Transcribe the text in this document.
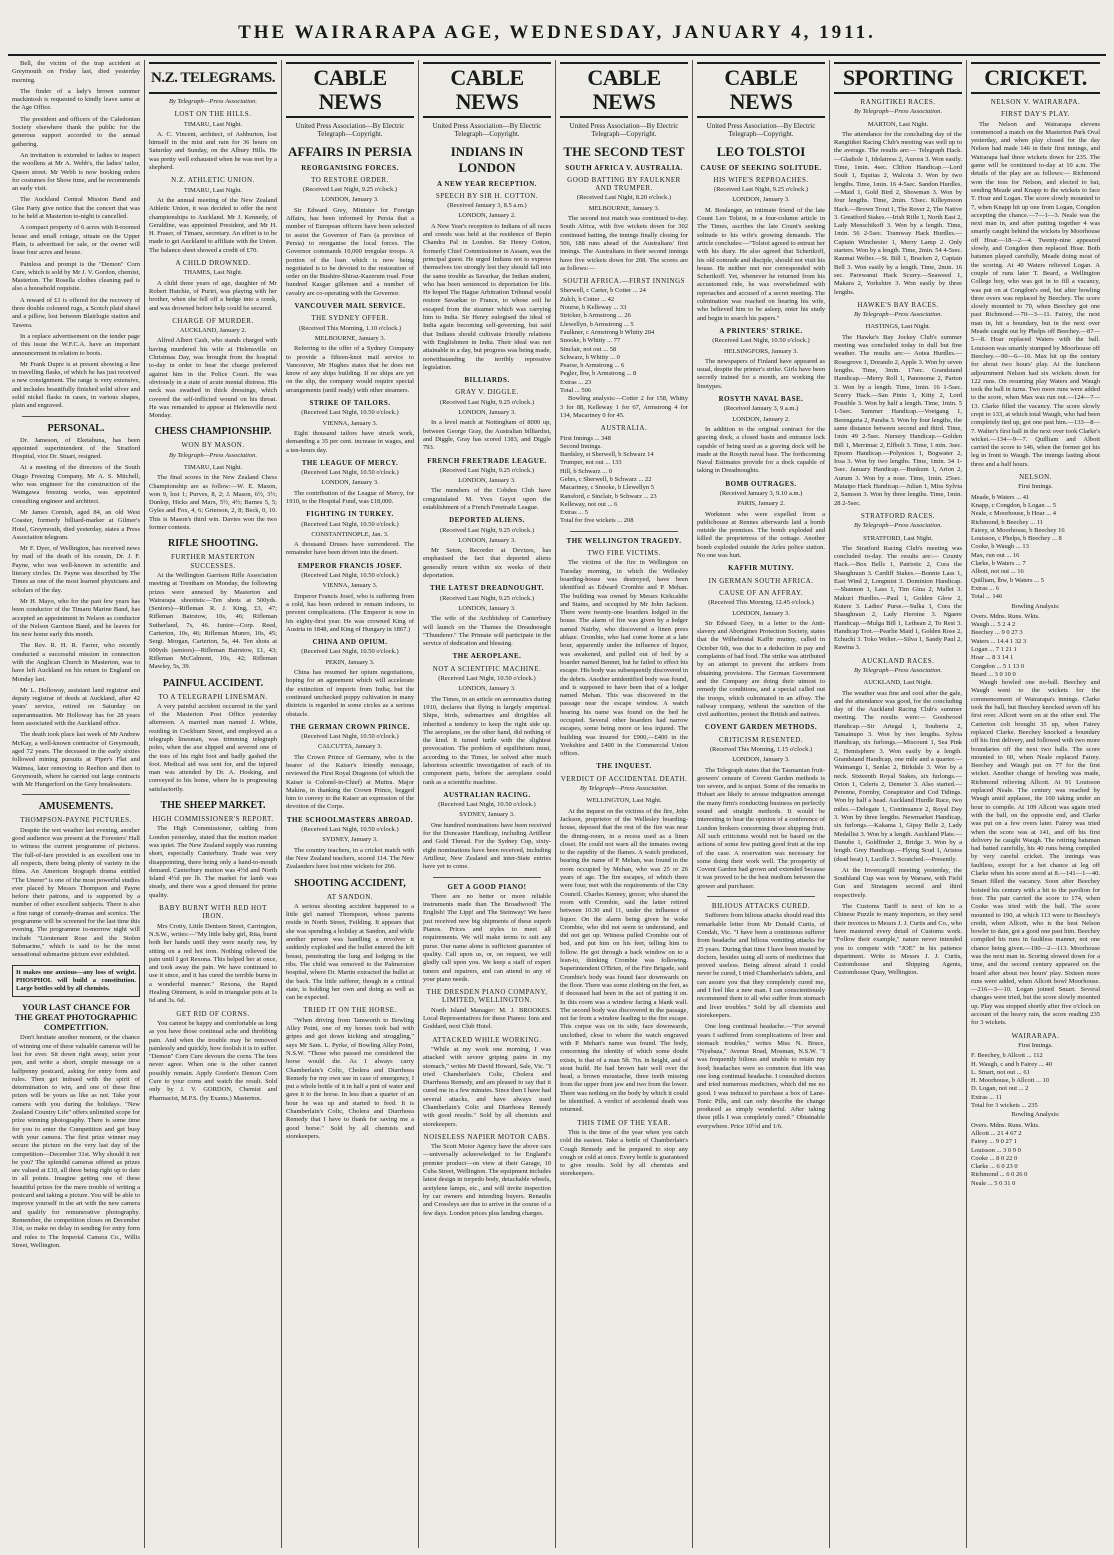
THE WAIRARAPA AGE, WEDNESDAY, JANUARY 4, 1911.

Bell, the victim of the trap accident at Greymouth on Friday last, died yesterday morning.

The finder of a lady's brown summer mackintosh is requested to kindly leave same at the Age Office.

The president and officers of the Caledonian Society elsewhere thank the public for the generous support accorded to the annual gathering.

An invitation is extended to ladies to inspect the woollens at Mr A. Webb's, the ladies' tailor, Queen street. Mr Webb is now booking orders for costumes for Show time, and he recommends an early visit.

The Auckland Central Mission Band and Glee Party give notice that the concert that was to be held at Masterton to-night is cancelled.

A compact property of 6 acres with 8-roomed house and small cottage, situate on the Upper Plain, is advertised for sale, or the owner will lease four acres and house.

Painless and prompt is the "Demon" Corn Cure, which is sold by Mr J. V. Gordon, chemist, Masterton. The Rosella clothes cleaning pad is also a household requisite.

A reward of £1 is offered for the recovery of three double coloured rugs, a Scotch plaid shawl and a pillow, lost between Blairlogie station and Tawera.

In a replace advertisement on the tender page of this issue the W.F.C.A. have an important announcement in relation to boots.

Mr Frank Dupre is at present showing a line in travelling flasks, of which he has just received a new consignment. The range is very extensive, and includes beautifully finished solid silver and solid nickel flasks in cases, in various shapes, plain and engraved.

PERSONAL.

Dr. Jameson, of Eketahuna, has been appointed superintendent of the Stratford Hospital, vice Dr. Stuart, resigned.

At a meeting of the directors of the South Otago Freezing Company, Mr A. S. Mitchell, who was engineer for the construction of the Waingawa freezing works, was appointed consulting engineer and architect.

Mr James Cornish, aged 84, an old West Coaster, formerly billiard-marker at Gilmer's Hotel, Greymouth, died yesterday, states a Press Association telegram.

Mr F. Dyer, of Wellington, has received news by mail of the death of his cousin, Dr. J. F. Payne, who was well-known in scientific and literary circles. Dr. Payne was described by The Times as one of the most learned physicians and scholars of the day.

Mr H. Mayo, who for the past few years has been conductor of the Timaru Marine Band, has accepted an appointment in Nelson as conductor of the Nelson Garrison Band, and he leaves for his new home early this month.

The Rev. R. H. R. Farrer, who recently conducted a successful mission in connection with the Anglican Church in Masterton, was to have left Auckland on his return to England on Monday last.

Mr L. Holloway, assistant land registrar and deputy registrar of deeds at Auckland, after 42 years' service, retired on Saturday on superannuation. Mr Holloway has for 28 years been associated with the Auckland office.

The death took place last week of Mr Andrew McKay, a well-known contractor of Greymouth, aged 72 years. The deceased in the early sixties followed mining pursuits at Piper's Flat and Waimea, later removing to Reefton and then to Greymouth, where he carried out large contracts with Mr Hungerford on the Grey breakwaters.

AMUSEMENTS.
THOMPSON-PAYNE PICTURES.

Despite the wet weather last evening, another good audience was present at the Foresters' Hall to witness the current programme of pictures. The full-of-fare provided is an excellent one in all respects, there being plenty of variety in the films. An American biograph drama entitled "The Unerer" is one of the most powerful studies ever placed by Messrs Thompson and Payne before their patrons, and is supported by a number of other excellent subjects. There is also a fine range of comedy-dramas and scenics. The programme will be screened for the last time this evening. The programme to-morrow night will include "Lieutenant Rose and the Stolen Submarine," which is said to be the most sensational submarine picture ever exhibited.

It makes one anxious—any loss of weight. PHOSPHOL will build a constitution. Large bottles sold by all chemists.
YOUR LAST CHANCE FOR THE GREAT PHOTOGRAPHIC COMPETITION.

Don't hesitate another moment, or the chance of winning one of these valuable cameras will be lost for ever. Sit down right away, seize your pen, and write a short, simple message on a halfpenny postcard, asking for entry form and rules. Then get imbued with the spirit of determination to win, and one of these fine prizes will be yours as like as not. Take your camera with you during the holidays. "New Zealand Country Life" offers unlimited scope for prize winning photography. There is some time for you to enter the Competition and get busy with your camera. The first prize winner may secure the picture on the very last day of the competition—December 31st. Why should it not be you? The splendid cameras offered as prizes are valued at £10, all three being right up to date in all points. Imagine getting one of these beautiful prizes for the mere trouble of writing a postcard and taking a picture. You will be able to improve yourself in the art with the new camera and qualify for remunerative photography. Remember, the competition closes on December 31st, so make no delay in sending for entry form and rules to The Imperial Camera Co., Willis Street, Wellington.

N.Z. TELEGRAMS.
By Telegraph—Press Association.
LOST ON THE HILLS.
TIMARU, Last Night.

A. C. Vincent, architect, of Ashburton, lost himself in the mist and rain for 36 hours on Saturday and Sunday, on the Albury Hills. He was pretty well exhausted when he was met by a shepherd.

N.Z. ATHLETIC UNION.
TIMARU, Last Night.

At the annual meeting of the New Zealand Athletic Union, it was decided to offer the next championships to Auckland. Mr J. Kennedy, of Geraldine, was appointed President, and Mr H. H. Fraser, of Timaru, secretary. An effort is to be made to get Auckland to affiliate with the Union. The balance sheet showed a credit of £70.

A CHILD DROWNED.
THAMES, Last Night.

A child three years of age, daughter of Mr Robert Hatchie, of Puriri, was playing with her brother, when she fell off a hedge into a creek, and was drowned before help could be secured.

CHARGE OF MURDER.
AUCKLAND, January 2.

Alfred Albert Cash, who stands charged with having murdered his wife at Helensville on Christmas Day, was brought from the hospital to-day in order to hear the charge preferred against him in the Police Court. He was obviously in a state of acute mental distress. His neck was swathed in thick dressings, which covered the self-inflicted wound on his throat. He was remanded to appear at Helensville next Monday.

CHESS CHAMPIONSHIP.
WON BY MASON.
By Telegraph—Press Association.
TIMARU, Last Night.

The final scores in the New Zealand Chess Championship are as follow:—W. E. Mason, won 9, lost 1; Purves, 8, 2; J. Mason, 6½, 3½; Dunlop, Hicks and Marx, 5½, 4½; Barnes 5, 5; Gyles and Fox, 4, 6; Grierson, 2, 8; Beck, 0, 10. This is Mason's third win. Davies won the two former contests.

RIFLE SHOOTING.
FURTHER MASTERTON SUCCESSES.

At the Wellington Garrison Rifle Association meeting at Trentham on Monday, the following prizes were annexed by Masterton and Wairarapa shootists:—Ten shots at 500yds. (Seniors)—Rifleman R. J. King, £3, 47; Rifleman Bairstow, 10s, 46; Rifleman Sutherland, 7s, 46. Junior—Corp. Reed, Carterton, 10s, 46; Rifleman Munro, 10s, 45; Sergt. Morgan, Carterton, 5s, 44. Ten shots at 600yds (seniors)—Rifleman Bairstow, £1, 43; Rifleman McCalmont, 10s, 42; Rifleman Mawley, 5s, 39.

PAINFUL ACCIDENT.
TO A TELEGRAPH LINESMAN.

A very painful accident occurred in the yard of the Masterton Post Office yesterday afternoon. A married man named J. White, residing in Cockburn Street, and employed as a telegraph linesman, was trimming telegraph poles, when the axe slipped and severed one of the toes of his right foot and badly gashed the foot. Medical aid was sent for, and the injured man was attended by Dr. A. Hosking, and conveyed to his home, where he is progressing satisfactorily.

THE SHEEP MARKET.
HIGH COMMISSIONER'S REPORT.

The High Commissioner, cabling from London yesterday, stated that the mutton market was quiet. The New Zealand supply was running short, especially Canterbury. Trade was very disappointing, there being only a hand-to-mouth demand. Canterbury mutton was 4½d and North Island 4½d per lb. The market for lamb was steady, and there was a good demand for prime quality.

BABY BURNT WITH RED HOT IRON.

Mrs Crotty, Little Denison Street, Carrington, N.S.W., writes:—"My little baby girl, Rita, burnt both her hands until they were nearly raw, by sitting on a red hot iron. Nothing relieved the pain until I got Rexona. This helped her at once, and took away the pain. We have continued to use it since, and it has cured the terrible burns in a wonderful manner." Rexona, the Rapid Healing Ointment, is sold in triangular pots at 1s 6d and 3s. 6d.

GET RID OF CORNS.

You cannot be happy and comfortable as long as you have those continual ache and throbbing pain. And when the trouble may be removed painlessly and quickly, how foolish it is to suffer. "Demon" Corn Cure devours the corns. The fees never agree. When one is the other cannot possibly remain. Apply Gordon's Demon Corn Cure to your corns and watch the result. Sold only by J. V. GORDON, Chemist and Pharmacist, M.P.S. (by Exams.) Masterton.

CABLE NEWS
United Press Association—By Electric Telegraph—Copyright.
AFFAIRS IN PERSIA
REORGANISING FORCES.
TO RESTORE ORDER.
(Received Last Night, 9.25 o'clock.)
LONDON, January 3.

Sir Edward Grey, Minister for Foreign Affairs, has been informed by Persia that a number of European officers have been selected to assist the Governor of Fars (a province of Persia) to reorganise the local forces. The Governor commands 10,000 irregular troops. A portion of the loan which is now being negotiated is to be devoted to the restoration of order on the Bushire-Shiraz-Kazerum road. Four hundred Kasgar gillemen and a number of cavalry are co-operating with the Governor.

VANCOUVER MAIL SERVICE.
THE SYDNEY OFFER.
(Received This Morning, 1.10 o'clock.)
MELBOURNE, January 3.

Referring to the offer of a Sydney Company to provide a fifteen-knot mail service to Vancouver, Mr Hughes states that he does not know of any ships building. If no ships are yet on the slip, the company would require special arrangements (until ready) with other steamers.

STRIKE OF TAILORS.
(Received Last Night, 10.50 o'clock.)
VIENNA, January 3.

Eight thousand tailors have struck work, demanding a 35 per cent. increase in wages, and a ten-hours day.

THE LEAGUE OF MERCY.
(Received Last Night, 10.50 o'clock.)
LONDON, January 3.

The contribution of the League of Mercy, for 1910, to the Hospital Fund, was £18,000.

FIGHTING IN TURKEY.
(Received Last Night, 10.50 o'clock.)
CONSTANTINOPLE, Jan. 3.

A thousand Druses have surrendered. The remainder have been driven into the desert.

EMPEROR FRANCIS JOSEF.
(Received Last Night, 10.50 o'clock.)
VIENNA, January 3.

Emperor Francis Josef, who is suffering from a cold, has been ordered to remain indoors, to prevent complications. (The Emperor is now in his eighty-first year. He was crowned King of Austria in 1848, and King of Hungary in 1867.)

CHINA AND OPIUM.
(Received Last Night, 10.50 o'clock.)
PEKIN, January 3.

China has resumed her opium negotiations, hoping for an agreement which will accelerate the extinction of imports from India; but the continued unchecked poppy cultivation in many districts is regarded in some circles as a serious obstacle.

THE GERMAN CROWN PRINCE.
(Received Last Night, 10.50 o'clock.)
CALCUTTA, January 3.

The Crown Prince of Germany, who is the bearer of the Kaiser's friendly message, reviewed the First Royal Dragoons (of which the Kaiser is Colonel-in-Chief) at Muttra. Major Makins, in thanking the Crown Prince, begged him to convey to the Kaiser an expression of the devotion of the Corps.

THE SCHOOLMASTERS ABROAD.
(Received Last Night, 10.50 o'clock.)
SYDNEY, January 3.

The country teachers, in a cricket match with the New Zealand teachers, scored 114. The New Zealanders have lost nine wickets for 266.

SHOOTING ACCIDENT,
AT SANDON.

A serious shooting accident happened to a little girl named Thompson, whose parents reside in North Street, Feilding. It appears that she was spending a holiday at Sandon, and while another person was handling a revolver it suddenly exploded and the bullet entered the left breast, penetrating the lung and lodging in the ribs. The child was removed to the Palmerston hospital, where Dr. Martin extracted the bullet at the back. The little sufferer, though in a critical state, is holding her own and doing as well as can be expected.

TRIED IT ON THE HORSE.

"When driving from Tamworth to Bowling Alley Point, one of my horses took bad with gripes and got down kicking and struggling," says Mr Sam. L. Pyrke, of Bowling Alley Point, N.S.W. "Those who passed me considered the horse would die. As I always carry Chamberlain's Colic, Cholera and Diarrhoea Remedy for my own use in case of emergency, I put a whole bottle of it in half a pint of water and gave it to the horse. In less than a quarter of an hour he was up and started to feed. It is Chamberlain's Colic, Cholera and Diarrhoea Remedy that I have to thank for saving me a good horse." Sold by all chemists and storekeepers.

CABLE NEWS
United Press Association—By Electric Telegraph—Copyright.
INDIANS IN LONDON
A NEW YEAR RECEPTION.
SPEECH BY SIR H. COTTON.
(Received January 3, 8.5 a.m.)
LONDON, January 2.

A New Year's reception to Indians of all races and creeds was held at the residence of Bepin Chandra Pal in London. Sir Henry Cotton, formerly Chief Commissioner in Assam, was the principal guest. He urged Indians not to express themselves too strongly lest they should fall into the same trouble as Savarkar, the Indian student, who has been sentenced to deportation for life. He hoped The Hague Arbitration Tribunal would restore Savarkar to France, to whose soil he escaped from the steamer which was carrying him to India. Sir Henry eulogised the ideal of India again becoming self-governing, but said that Indians should cultivate friendly relations with Englishmen in India. Their ideal was not attainable in a day, but progress was being made, notwithstanding the terribly repressive legislation.

BILLIARDS.
GRAY V. DIGGLE.
(Received Last Night, 9.25 o'clock.)
LONDON, January 3.

In a level match at Nottingham of 8000 up, between George Gray, the Australian billiardist, and Diggle, Gray has scored 1383, and Diggle 793.

FRENCH FREETRADE LEAGUE.
(Received Last Night, 9.25 o'clock.)
LONDON, January 3.

The members of the Cobden Club have congratulated M. Yves Guyot upon the establishment of a French Freetrade League.

DEPORTED ALIENS.
(Received Last Night, 9.25 o'clock.)
LONDON, January 3.

Mr Seton, Recorder at Devizes, has emphasised the fact that deported aliens generally return within six weeks of their deportation.

THE LATEST DREADNOUGHT.
(Received Last Night, 9.25 o'clock.)
LONDON, January 3.

The wife of the Archbishop of Canterbury will launch on the Thames the Dreadnought "Thunderer." The Primate will participate in the service of dedication and blessing.

THE AEROPLANE.
NOT A SCIENTIFIC MACHINE.
(Received Last Night, 10.50 o'clock.)
LONDON, January 3.

The Times, in an article on aeronautics during 1910, declares that flying is largely empirical. Ships, birds, submarines and dirigibles all inherited a tendency to keep the right side up. The aeroplane, on the other hand, did nothing of the kind. It turned turtle with the slightest provocation. The problem of equilibrium must, according to the Times, be solved after much laborious scientific investigation of each of its component parts, before the aeroplane could rank as a scientific machine.

AUSTRALIAN RACING.
(Received Last Night, 10.50 o'clock.)
SYDNEY, January 3.

One hundred nominations have been received for the Doncaster Handicap, including Artilleur and Gold Thread. For the Sydney Cup, sixty-eight nominations have been received, including Artilleur, New Zealand and inter-State entries have yet to come.

GET A GOOD PIANO!

There are no better or more reliable instruments made than The Broadwood! The English! The Lipp! and The Steinway! We have just received new big shipments of these superb Pianos. Prices and styles to meet all requirements. We will make terms to suit any purse. Our name alone is sufficient guarantee of quality. Call upon us, or, on request, we will gladly call upon you. We keep a staff of expert tuners and repairers, and can attend to any of your piano needs.

THE DRESDEN PIANO COMPANY, LIMITED, WELLINGTON.

North Island Manager: M. J. BROOKES. Local Representatives for these Pianos: Ions and Goddard, next Club Hotel.

ATTACKED WHILE WORKING.

"While at my work one morning, I was attacked with severe griping pains in my stomach," writes Mr David Howard, Sale, Vic. "I tried Chamberlain's Colic, Cholera and Diarrhoea Remedy, and am pleased to say that it cured me in a few minutes. Since then I have had several attacks, and have always used Chamberlain's Colic and Diarrhoea Remedy with good results." Sold by all chemists and storekeepers.

NOISELESS NAPIER MOTOR CABS.

The Scott Motor Agency have the above cars—universally acknowledged to be England's premier product—on view at their Garage, 10 Cuba Street, Wellington. The equipment includes latest design in torpedo body, detachable wheels, acetylene lamps, etc., and will invite inspection by car owners and intending buyers. Renaults and Crossleys are due to arrive in the course of a few days. London prices plus landing charges.

CABLE NEWS
United Press Association—By Electric Telegraph—Copyright.
THE SECOND TEST
SOUTH AFRICA V. AUSTRALIA.
GOOD BATTING BY FAULKNER AND TRUMPER.
(Received Last Night, 8.20 o'clock.)
MELBOURNE, January 3.

The second test match was continued to-day. South Africa, with five wickets down for 302 continued batting, the innings finally closing for 506, 188 runs ahead of the Australians' first innings. The Australians in their second innings have five wickets down for 208. The scores are as follows:—

SOUTH AFRICA.—FIRST INNINGS
Sherwell, c Carter, b Cotter ... 24
Zulch, b Cotter ... 42
Nourse, b Kelleway ... 33
Stricker, b Armstrong ... 26
Llewellyn, b Armstrong ... 5
Faulkner, c Armstrong b Whitty 204
Snooke, b Whitty ... 77
Sinclair, not out ... 58
Schwarz, b Whitty ... 0
Pearse, b Armstrong ... 6
Pegler, lbw, b Armstrong ... 8
Extras ... 23
Total ... 506

Bowling analysis:—Cotter 2 for 158, Whitty 3 for 88, Kelleway 1 for 67, Armstrong 4 for 134, Macartney 0 for 45.

AUSTRALIA.
First Innings ... 348
Second Innings.
Bardsley, st Sherwell, b Schwarz 14
Trumper, not out ... 133
Hill, b Schwarz ... 0
Gehrs, c Sherwell, b Schwarz ... 22
Macartney, c Snooke, b Llewellyn 5
Ransford, c Sinclair, b Schwarz ... 23
Kelleway, not out ... 6
Extras ... 5
Total for five wickets ... 208
THE WELLINGTON TRAGEDY.
TWO FIRE VICTIMS.

The victims of the fire in Wellington on Tuesday morning, in which the Wellesley boarding-house was destroyed, have been identified as Edward Crombie and P. Mehan. The building was owned by Messrs Kirkcaldie and Stains, and occupied by Mr John Jackson. There were twenty-one boarders lodged in the house. The alarm of fire was given by a lodger named Nairby, who discovered a linen press ablaze. Crombie, who had come home at a late hour, apparently under the influence of liquor, was awakened, and pulled out of bed by a boarder named Bennet, but he failed to effect his escape. His body was subsequently discovered in the debris. Another unidentified body was found, and is supposed to have been that of a lodger named Mehan. This was discovered in the passage near the escape window. A watch bearing his name was found on the bed he occupied. Several other boarders had narrow escapes, some being more or less injured. The building was insured for £900,—£400 in the Yorkshire and £400 in the Commercial Union offices.

THE INQUEST.
VERDICT OF ACCIDENTAL DEATH.
By Telegraph—Press Association.
WELLINGTON, Last Night.

At the inquest on the victims of the fire, John Jackson, proprietor of the Wellesley boarding-house, deposed that the rest of the fire was near the dining-room, in a recess used as a linen closet. He could not warn all the inmates owing to the rapidity of the flames. A watch produced, bearing the name of P. Mehan, was found in the room occupied by Mehan, who was 25 or 26 years of age. The fire escapes, of which there were four, met with the requirements of the City Council. Charles Kenney, grocer, who shared the room with Crombie, said the latter retired between 10.30 and 11, under the influence of liquor. On the alarm being given he woke Crombie, who did not seem to understand, and did not get up. Witness pulled Crombie out of bed, and put him on his feet, telling him to follow. He got through a back window on to a lean-to, thinking Crombie was following. Superintendent O'Brien, of the Fire Brigade, said Crombie's body was found face downwards on the floor. There was some clothing on the feet, as if deceased had been in the act of putting it on. In this room was a window facing a blank wall. The second body was discovered in the passage, not far from a window leading to the fire escape. This corpse was on its side, face downwards, unclothed, close to where the watch engraved with P. Mehan's name was found. The body, concerning the identity of which some doubt exists, is that of a man 5ft. 7in. in height, and of stout build. He had brown hair well over the head, a brown moustache, three teeth missing from the upper front jaw and two from the lower. There was nothing on the body by which it could be identified. A verdict of accidental death was returned.

THIS TIME OF THE YEAR.

This is the time of the year when you catch cold the easiest. Take a bottle of Chamberlain's Cough Remedy and be prepared to stop any cough or cold at once. Every bottle is guaranteed to give results. Sold by all chemists and storekeepers.

CABLE NEWS
United Press Association—By Electric Telegraph—Copyright.
LEO TOLSTOI
CAUSE OF SEEKING SOLITUDE.
HIS WIFE'S REPROACHES.
(Received Last Night, 9.25 o'clock.)
LONDON, January 3.

M. Boulanger, an intimate friend of the late Count Leo Tolstoi, in a four-column article in The Times, ascribes the late Count's seeking solitude to his wife's growing demands. The article concludes:—"Tolstoi agreed to entrust her with his diary. He also agreed that Schertkoff, his old comrade and disciple, should not visit his house. He neither met nor corresponded with Schertkoff. Yet, whenever he returned from his accustomed ride, he was overwhelmed with reproaches and accused of a secret meeting. The culmination was reached on hearing his wife, who believed him to be asleep, enter his study and begin to search his papers."

A PRINTERS' STRIKE.
(Received Last Night, 10.50 o'clock.)
HELSINGFORS, January 3.

The newspapers of Finland have appeared as usual, despite the printer's strike. Girls have been secretly trained for a month, are working the linotypes.

ROSYTH NAVAL BASE.
(Received January 3, 9 a.m.)
LONDON, January 2.

In addition to the original contract for the graving dock, a closed basin and entrance lock capable of being used as a graving dock will be made at the Rosyth naval base. The forthcoming Naval Estimates provide for a dock capable of taking in Dreadnoughts.

BOMB OUTRAGES.
(Received January 3, 9.10 a.m.)
PARIS, January 2.

Workmen who were expelled from a publichouse at Rennes afterwards laid a bomb outside the premises. The bomb exploded and killed the proprietress of the cottage. Another bomb exploded outside the Arles police station. No one was hurt.

KAFFIR MUTINY.
IN GERMAN SOUTH AFRICA.
CAUSE OF AN AFFRAY.
(Received This Morning, 12.45 o'clock.)
LONDON, January 3.

Sir Edward Grey, in a letter to the Anti-slavery and Aborigines Protection Society, states that the Wilhelmstal Kaffir mutiny, called in October 6th, was due to a deduction in pay and complaints of bad food. The strike was attributed by an attempt to prevent the strikers from obtaining provisions. The German Government and the Company are doing their utmost to remedy the conditions, and a special called out the troops, which culminated in an affray. The railway company, without the sanction of the civil authorities, protect the British and natives.

COVENT GARDEN METHODS.
CRITICISM RESENTED.
(Received This Morning, 1.15 o'clock.)
LONDON, January 3.

The Telegraph states that the Tasmanian fruit-growers' censure of Covent Garden methods is too severe, and is unjust. Some of the remarks in Hobart are likely to arouse indignation amongst the many firm's conducting business on perfectly sound and straight methods. It would be interesting to hear the opinion of a conference of London brokers concerning those shipping fruit. All such criticisms would not be based on the actions of some few putting good fruit at the top of the case. A reservation was necessary for some doing their work well. The prosperity of Covent Garden had grown and extended because it was proved to be the best medium between the grower and purchaser.

BILIOUS ATTACKS CURED.

Sufferers from bilious attacks should read this remarkable letter from Mr Donald Curtis, of Condah, Vic. "I have been a continuous sufferer from headache and bilious vomiting attacks for 25 years. During that time I have been treated by doctors, besides using all sorts of medicines that proved useless. Being almost afraid I could never be cured, I tried Chamberlain's tablets, and can assure you that they completely cured me, and I feel like a new man. I can conscientiously recommend them to all who suffer from stomach and liver troubles." Sold by all chemists and storekeepers.

One long continual headache.—"For several years I suffered from complications of liver and stomach troubles," writes Miss N. Bruce, "Nyabaza," Avenue Road, Mosman, N.S.W. "I was frequently bilious and unable to retain my food; headaches were so common that life was one long continual headache. I consulted doctors and tried numerous medicines, which did me no good. I was induced to purchase a box of Lane-Tonic Pills, and can only describe the change produced as simply wonderful. After taking these pills I was completely cured." Obtainable everywhere. Price 10½d and 1/6.

SPORTING
RANGITIKEI RACES.
By Telegraph—Press Association.
MARTON, Last Night.

The attendance for the concluding day of the Rangitikei Racing Club's meeting was well up to the average. The results are:— Telegraph Hack.—Gladiole 1, Idolatress 2, Aurora 3. Won easily. Time, 1min. 4sec. Clifton Handicap.—Lord Soult 1, Equitas 2, Walcota 3. Won by two lengths. Time, 1min. 16 4-5sec. Sandon Hurdles.—Maid 1, Gold Bird 2, Showman 3. Won by four lengths. Time, 2min. 53sec. Killeymoon Hack.—Brown Trout 1, The Rover 2, The Native 3. Greatford Stakes.—Irish Rifle 1, North East 2, Lady Menschikoff 3. Won by a length. Time, 1min. 56 2-5sec. Tramway Hack Hurdles.—Captain Winchester 1, Merry Lamp 2. Only starters. Won by a length. Time, 2min. 54 4-5sec. Raumai Welter.—St. Bill 1, Bracken 2, Captain Bell 3. Won easily by a length. Time, 2min. 16 sec. Parewanui Hack Scurry.—Seaweed 1, Makara 2, Yorkshire 3. Won easily by three lengths.

HAWKE'S BAY RACES.
By Telegraph—Press Association.
HASTINGS, Last Night.

The Hawke's Bay Jockey Club's summer meeting was concluded today in dull but fine weather. The results are:— Aotea Hurdles.—Rosegrove 1, Dorando 2, Apple 3. Won by seven lengths. Time, 3min. 17sec. Grandstand Handicap.—Merry Roll 1, Panonome 2, Parton 3. Won by a length. Time, 1min. 16 1-5sec. Scurry Hack.—San Pinto 1, Kitty 2, Lord Possible 3. Won by half a length. Time, 1min. 5 1-5sec. Summer Handicap.—Voetgang 1, Berengaria 2, Paraba 3. Won by four lengths, the same distance between second and third. Time, 1min 49 2-5sec. Nursery Handicap.—Golden Bill 1, Merrimac 2, Elfbolt 3. Time, 1 min. 3sec. Epsom Handicap.—Polynices 1, Bogwater 2, Iosa 3. Won by two lengths. Time, 1min. 34 1-5sec. January Handicap.—Bunkum 1, Arion 2, Aurum 3. Won by a nose. Time, 1min. 25sec. Mataipo Hack Handicap.—Julian 1, Miss Sylvia 2, Samson 3. Won by three lengths. Time, 1min. 28 2-5sec.

STRATFORD RACES.
By Telegraph—Press Association.
STRATFORD, Last Night.

The Stratford Racing Club's meeting was concluded to-day. The results are:— County Hack.—Box Bells 1, Patriotic 2, Cora the Shaughraun 3. Cardiff Stakes.—Bonnie Lass 1, East Wind 2, Longmist 3. Dominion Handicap.—Shannon 1, Lass 1, Tim Gina 2, Mallet 3. Makuri Hurdles.—Paul 1, Golden Glow 2, Kutere 3. Ladies' Purse.—Sulka 1, Cora the Shaughraun 2, Lady Heroine 3. Ngaere Handicap.—Mulga Bill 1, Lethean 2, To Rest 3. Handicap Trot.—Pearlie Maid 1, Golden Rose 2, Echuchi 3. Toko Welter.—Silva 1, Sandy Paul 2, Rawina 3.

AUCKLAND RACES.
By Telegraph—Press Association.
AUCKLAND, Last Night.

The weather was fine and cool after the gale, and the attendance was good, for the concluding day of the Auckland Racing Club's summer meeting. The results were:— Goodwood Handicap.—Sir Artegal 1, Souberia 2, Tamainupo 3. Won by two lengths. Sylvia Handicap, six furlongs.—Miscount 1, Sea Pink 2, Hemisphere 3. Won easily by a length. Grandstand Handicap, one mile and a quarter.—Waimangu 1, Senlac 2, Birkdale 3. Won by a neck. Sixteenth Royal Stakes, six furlongs.—Orion 1, Celeris 2, Demeter 3. Also started.—Perenne, Formby, Conspirator and Cod Tidings. Won by half a head. Auckland Hurdle Race, two miles.—Delegate 1, Continuance 2, Royal Day 3. Won by three lengths. Newmarket Handicap, six furlongs.—Kakama 1, Gipsy Belle 2, Lady Medallist 3. Won by a length. Auckland Plate.—Danube 1, Goldfinder 2, Bridge 3. Won by a length. Grey Handicap.—Flying Scud 1, Aristos (dead heat) 1, Lucille 3. Scratched.—Presently.

At the Invercargill meeting yesterday, the Southland Cup was won by Warsaw, with Field Gun and Stratagem second and third respectively.

The Customs Tariff is next of kin to a Chinese Puzzle to many importers, so they send their invoices to Messrs J. J. Curtis and Co., who have mastered every detail of Customs work. "Follow their example," nature never intended you to compete with "JOE" in his patience department. Write to Messrs J. J. Curtis, Customhouse and Shipping Agents, Customhouse Quay, Wellington.

CRICKET.
NELSON V. WAIRARAPA.
FIRST DAY'S PLAY.

The Nelson and Wairarapa elevens commenced a match on the Masterton Park Oval yesterday, and when play closed for the day Nelson had made 146 in their first innings, and Wairarapa had three wickets down for 235. The game will be continued to-day at 10 a.m. The details of the play are as follows:— Richmond won the toss for Nelson, and elected to bat, sending Meade and Knapp to the wickets to face T. Hoar and Logan. The score slowly mounted to 7, when Knapp hit up one from Logan, Congdon accepting the chance.—7—1—3. Neale was the next man in, and after putting together 4 was smartly caught behind the wickets by Moorhouse off Hoar.—18—2—4. Twenty-nine appeared slowly, and Congdon then replaced Hoar. Both batsmen played carefully, Meade doing most of the scoring. At 40 Waters relieved Logan. A couple of runs later T. Beard, a Wellington College boy, who was got in to fill a vacancy, was put on at Congdon's end, but after bowling three overs was replaced by Beechey. The score slowly mounted to 70, when Beechey got one past Richmond.—70—3—11. Fairey, the next man in, hit a boundary, but in the next over Meade caught out by Phelps off Beechey.—87—5—8. Hoar replaced Waters with the ball. Louisson was smartly stumped by Moorhouse off Beechey.—90—6—16. Max hit up the century for about two hours' play. At the luncheon adjournment Nelson had six wickets down for 122 runs. On resuming play Waters and Waugh took the ball in turns. Two more runs were added to the score, when Max was run out.—124—7—13. Clarke filled the vacancy. The score slowly crept to 133, at which total Waugh, who had been completely tied up, got one past him.—133—8—7. Walter's first ball in the next over took Clarke's wicket.—134—9—7. Quilliam and Albott carried the score to 146, when the former got his leg in front to Waugh. The innings lasting about three and a half hours.

NELSON.
First Innings.
Meade, b Waters ... 41
Knapp, c Congdon, b Logan ... 5
Neale, c Moorhouse, b Hoar ... 4
Richmond, b Beechey ... 11
Fairey, st Moorhouse, b Beechey 16
Louisson, c Phelps, b Beechey ... 8
Cooke, b Waugh ... 13
Max, run out ... 16
Clarke, b Waters ... 7
Albott, not out ... 16
Quilliam, lbw, b Waters ... 5
Extras ... 6
Total ... 146
Bowling Analysis:
Overs. Mdns. Runs. Wkts.
Waugh ... 5 2 4 2
Beechey ... 9 0 27 3
Waters ... 14.4 1 32 3
Logan ... 7 1 21 1
Hoar ... 8 3 14 1
Congdon ... 5 1 13 0
Beard ... 3 0 10 0

Waugh bowled one no-ball. Beechey and Waugh went to the wickets for the commencement of Wairarapa's innings. Clarke took the ball, but Beechey knocked seven off his first over. Allcott went on at the other end. The Carterton colt brought 35 up, when Fairey replaced Clarke. Beechey knocked a boundary off his first delivery, and followed with two more boundaries off the next two balls. The score mounted to 60, when Neale replaced Fairey. Beechey and Waugh put on 77 for the first wicket. Another change of bowling was made, Richmond relieving Allcott. At 91 Louisson replaced Neale. The century was reached by Waugh amid applause, the 100 taking under an hour to compile. At 109 Allcott was again tried with the ball, on the opposite end, and Clarke was put on a few overs later. Fairey was tried when the score was at 141, and off his first delivery he caught Waugh. The retiring batsman had batted carefully, his 40 runs being compiled by very careful cricket. The innings was faultless, except for a hot chance at leg off Clarke when his score stood at 8.—141—1—40. Smart filled the vacancy. Soon after Beechey hoisted his century with a hit to the pavilion for four. The pair carried the score to 174, when Cooke was tried with the ball. The score mounted to 190, at which 113 were to Beechey's credit, when Allcott, who is the best Nelson bowler to date, got a good one past him. Beechey compiled his runs in faultless manner, not one chance being given.—190—2—113. Moorhouse was the next man in. Scoring slowed down for a time, and the second century appeared on the board after about two hours' play. Sixteen more runs were added, when Allcott bowl Moorhouse.—216—3—10. Logan joined Smart. Several changes were tried, but the score slowly mounted up. Play was stopped shortly after five o'clock on account of the heavy rain, the score reading 235 for 3 wickets.

WAIRARAPA.
First Innings.
F. Beechey, b Allcott ... 112
H. Waugh, c and b Fairey ... 40
L. Smart, not out ... 61
H. Moorhouse, b Allcott ... 10
D. Logan, not out ... 2
Extras ... 11
Total for 3 wickets ... 235
Bowling Analysis:
Overs. Mdns. Runs. Wkts.
Allcott ... 21 4 67 2
Fairey ... 9 0 27 1
Louisson ... 3 0 9 0
Cooke ... 8 0 22 0
Clarke ... 6 0 23 0
Richmond ... 6 0 26 0
Neale ... 5 0 31 0
